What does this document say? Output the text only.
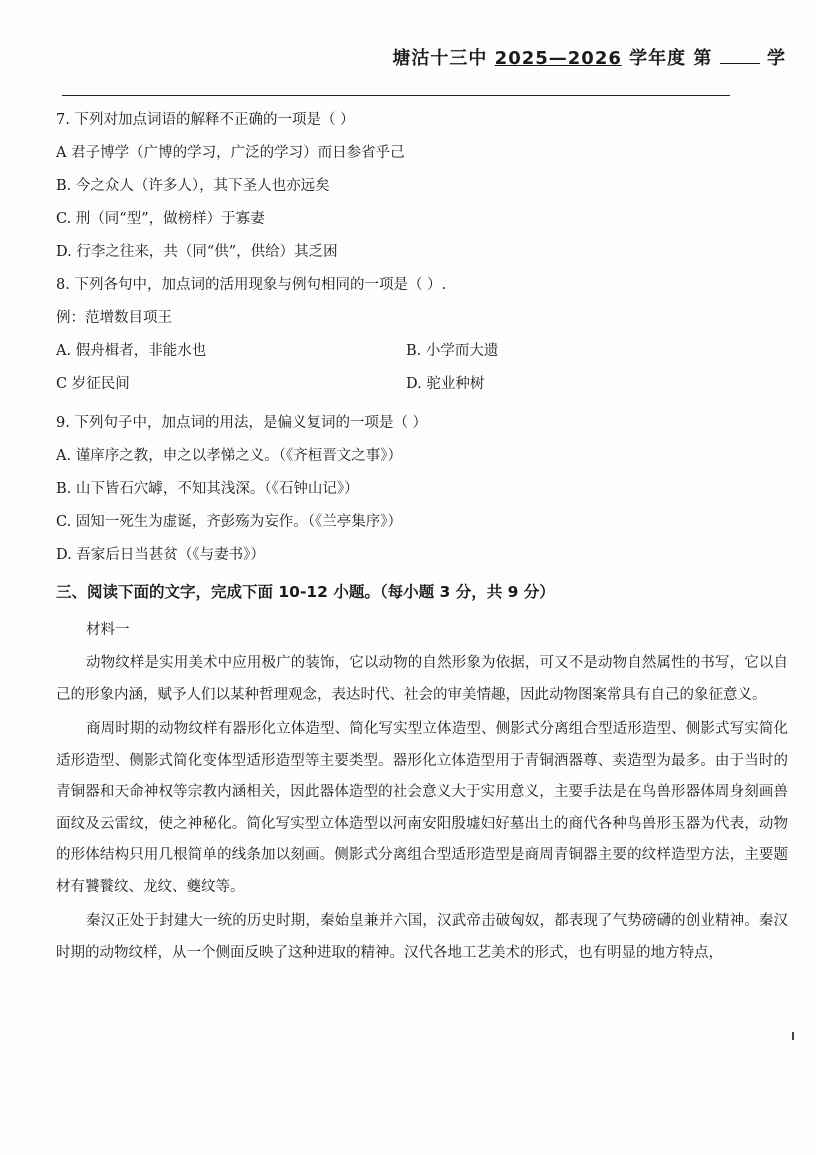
塘沽十三中 2025—2026 学年度 第	学
7. 下列对加点词语的解释不正确的一项是（ ）
A 君子博学（广博的学习，广泛的学习）而日参省乎己
B. 今之众人（许多人），其下圣人也亦远矣
C. 刑（同“型”，做榜样）于寡妻
D. 行李之往来，共（同“供”，供给）其乏困
8. 下列各句中，加点词的活用现象与例句相同的一项是（ ）.
例：范增数目项王
A. 假舟楫者，非能水也	B. 小学而大遗
C 岁征民间	D. 驼业种树
9. 下列句子中，加点词的用法，是偏义复词的一项是（ ）
A. 谨庠序之教，申之以孝悌之义。（《齐桓晋文之事》）
B. 山下皆石穴罅，不知其浅深。（《石钟山记》）
C. 固知一死生为虚诞，齐彭殇为妄作。（《兰亭集序》）
D. 吾家后日当甚贫（《与妻书》）
三、阅读下面的文字，完成下面 10-12 小题。（每小题 3 分，共 9 分）
材料一

动物纹样是实用美术中应用极广的装饰，它以动物的自然形象为依据，可又不是动物自然属性的书写，它以自己的形象内涵，赋予人们以某种哲理观念，表达时代、社会的审美情趣，因此动物图案常具有自己的象征意义。

商周时期的动物纹样有器形化立体造型、简化写实型立体造型、侧影式分离组合型适形造型、侧影式写实简化适形造型、侧影式简化变体型适形造型等主要类型。器形化立体造型用于青铜酒器尊、卖造型为最多。由于当时的青铜器和天命神权等宗教内涵相关，因此器体造型的社会意义大于实用意义，主要手法是在鸟兽形器体周身刻画兽面纹及云雷纹，使之神秘化。简化写实型立体造型以河南安阳殷墟妇好墓出土的商代各种鸟兽形玉器为代表，动物的形体结构只用几根简单的线条加以刻画。侧影式分离组合型适形造型是商周青铜器主要的纹样造型方法，主要题材有饕餮纹、龙纹、夔纹等。

秦汉正处于封建大一统的历史时期，秦始皇兼并六国，汉武帝击破匈奴，都表现了气势磅礴的创业精神。秦汉时期的动物纹样，从一个侧面反映了这种进取的精神。汉代各地工艺美术的形式，也有明显的地方特点，
